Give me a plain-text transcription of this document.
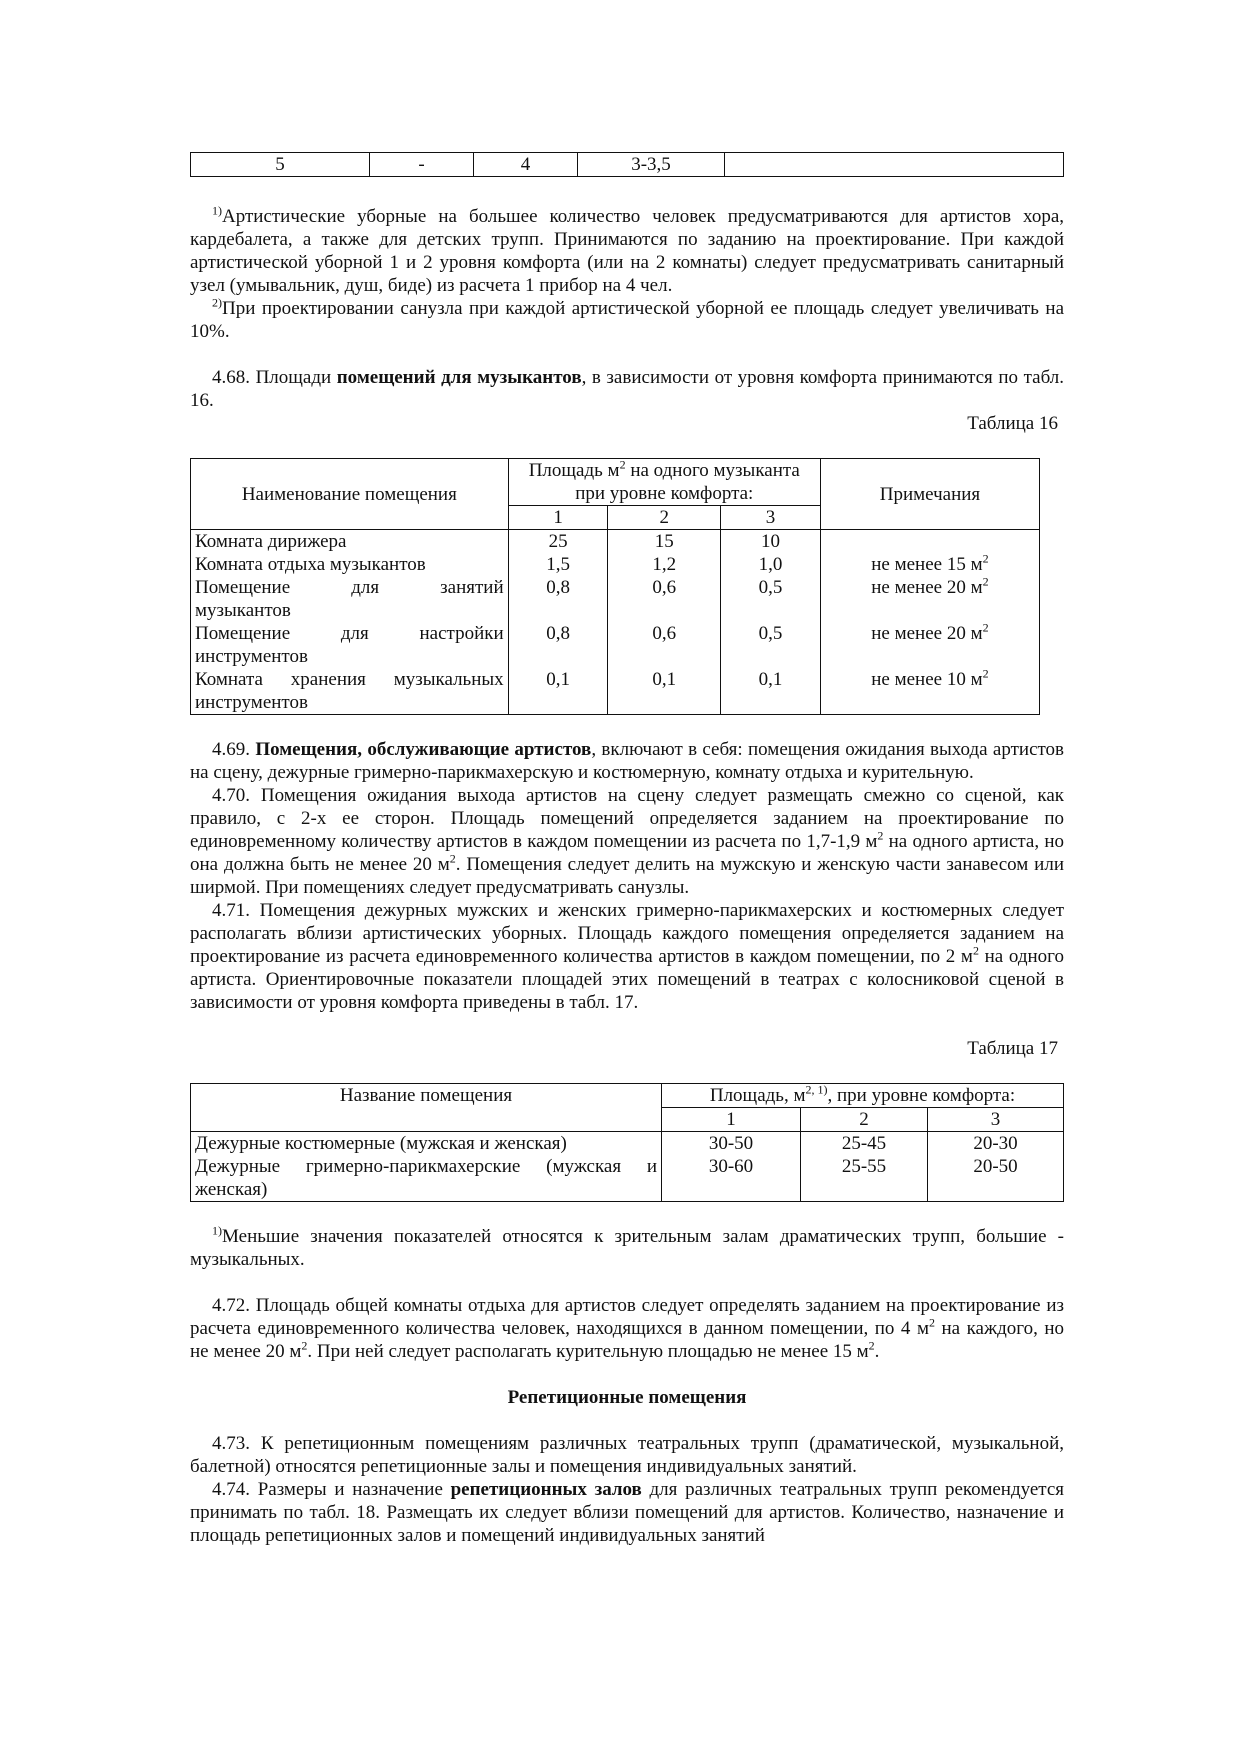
5	-	4	3-3,5	

$^{1)}$Артистические уборные на большее количество человек предусматриваются для артистов хора, кардебалета, а также для детских трупп. Принимаются по заданию на проектирование. При каждой артистической уборной 1 и 2 уровня комфорта (или на 2 комнаты) следует предусматривать санитарный узел (умывальник, душ, биде) из расчета 1 прибор на 4 чел.

$^{2)}$При проектировании санузла при каждой артистической уборной ее площадь следует увеличивать на 10%.

4.68. Площади помещений для музыкантов, в зависимости от уровня комфорта принимаются по табл. 16.

Таблица 16

Наименование помещения	Площадь $м^2$ на одного музыканта при уровне комфорта:			Примечания
	1	2	3	
Комната дирижера	25	15	10	
Комната отдыха музыкантов	1,5	1,2	1,0	не менее 15 $м^2$

Помещение для занятий
музыкантов	0,8	0,6	0,5	не менее 20 $м^2$

Помещение для настройки
инструментов	0,8	0,6	0,5	не менее 20 $м^2$

Комната хранения музыкальных
инструментов	0,1	0,1	0,1	не менее 10 $м^2$

4.69. Помещения, обслуживающие артистов, включают в себя: помещения ожидания выхода артистов на сцену, дежурные гримерно-парикмахерскую и костюмерную, комнату отдыха и курительную.

4.70. Помещения ожидания выхода артистов на сцену следует размещать смежно со сценой, как правило, с 2-х ее сторон. Площадь помещений определяется заданием на проектирование по единовременному количеству артистов в каждом помещении из расчета по 1,7-1,9 $м^2$ на одного артиста, но она должна быть не менее 20 $м^2$. Помещения следует делить на мужскую и женскую части занавесом или ширмой. При помещениях следует предусматривать санузлы.

4.71. Помещения дежурных мужских и женских гримерно-парикмахерских и костюмерных следует располагать вблизи артистических уборных. Площадь каждого помещения определяется заданием на проектирование из расчета единовременного количества артистов в каждом помещении, по 2 $м^2$ на одного артиста. Ориентировочные показатели площадей этих помещений в театрах с колосниковой сценой в зависимости от уровня комфорта приведены в табл. 17.

Таблица 17

Название помещения	Площадь, $м^{2, 1)}$, при уровне комфорта:		
	1	2	3
Дежурные костюмерные (мужская и женская)	30-50	25-45	20-30

Дежурные гримерно-парикмахерские (мужская и
женская)	30-60	25-55	20-50

$^{1)}$Меньшие значения показателей относятся к зрительным залам драматических трупп, большие - музыкальных.

4.72. Площадь общей комнаты отдыха для артистов следует определять заданием на проектирование из расчета единовременного количества человек, находящихся в данном помещении, по 4 $м^2$ на каждого, но не менее 20 $м^2$. При ней следует располагать курительную площадью не менее 15 $м^2$.

Репетиционные помещения

4.73. К репетиционным помещениям различных театральных трупп (драматической, музыкальной, балетной) относятся репетиционные залы и помещения индивидуальных занятий.

4.74. Размеры и назначение репетиционных залов для различных театральных трупп рекомендуется принимать по табл. 18. Размещать их следует вблизи помещений для артистов. Количество, назначение и площадь репетиционных залов и помещений индивидуальных занятий
